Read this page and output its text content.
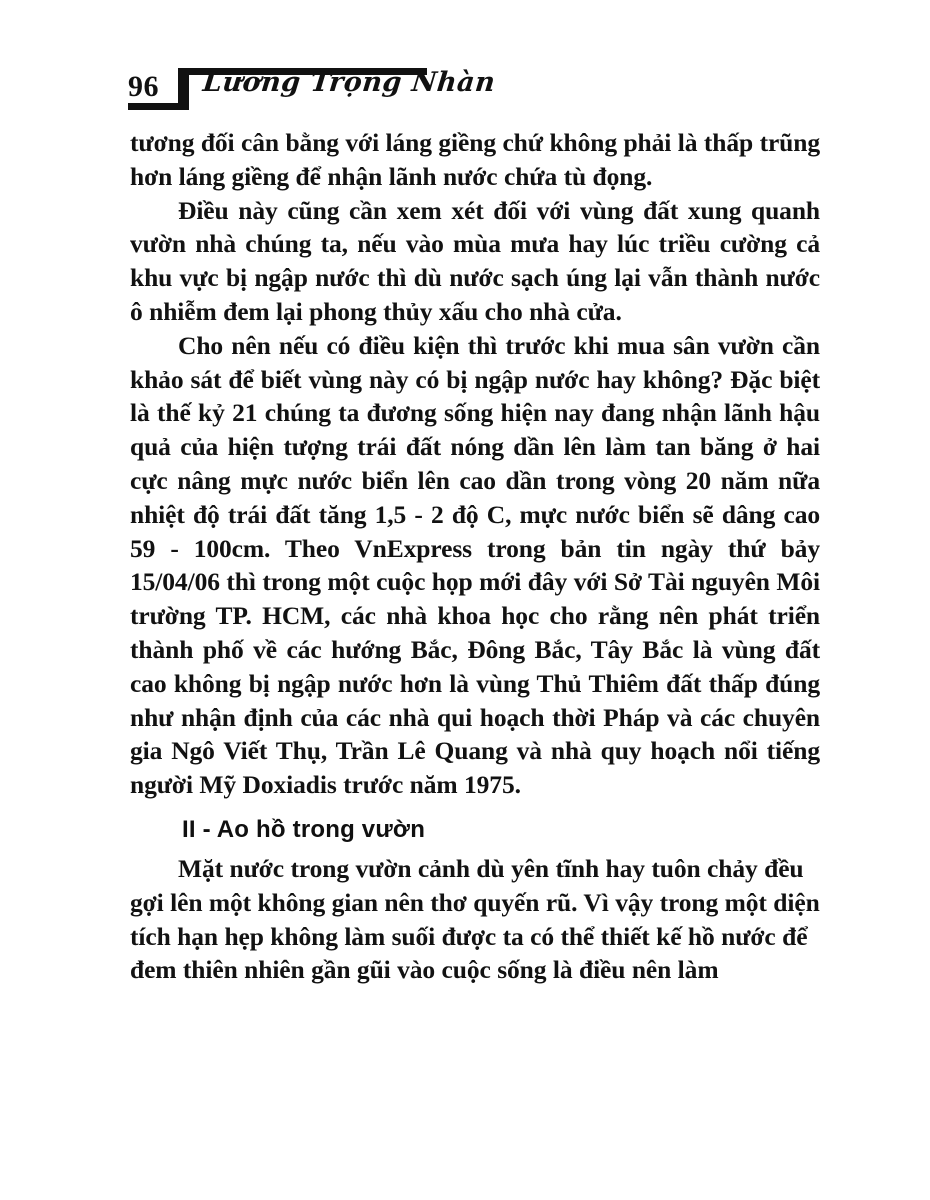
96 Lương Trọng Nhàn

tương đối cân bằng với láng giềng chứ không phải là thấp trũng hơn láng giềng để nhận lãnh nước chứa tù đọng.

Điều này cũng cần xem xét đối với vùng đất xung quanh vườn nhà chúng ta, nếu vào mùa mưa hay lúc triều cường cả khu vực bị ngập nước thì dù nước sạch úng lại vẫn thành nước ô nhiễm đem lại phong thủy xấu cho nhà cửa.

Cho nên nếu có điều kiện thì trước khi mua sân vườn cần khảo sát để biết vùng này có bị ngập nước hay không? Đặc biệt là thế kỷ 21 chúng ta đương sống hiện nay đang nhận lãnh hậu quả của hiện tượng trái đất nóng dần lên làm tan băng ở hai cực nâng mực nước biển lên cao dần trong vòng 20 năm nữa nhiệt độ trái đất tăng 1,5 - 2 độ C, mực nước biển sẽ dâng cao 59 - 100cm. Theo VnExpress trong bản tin ngày thứ bảy 15/04/06 thì trong một cuộc họp mới đây với Sở Tài nguyên Môi trường TP. HCM, các nhà khoa học cho rằng nên phát triển thành phố về các hướng Bắc, Đông Bắc, Tây Bắc là vùng đất cao không bị ngập nước hơn là vùng Thủ Thiêm đất thấp đúng như nhận định của các nhà qui hoạch thời Pháp và các chuyên gia Ngô Viết Thụ, Trần Lê Quang và nhà quy hoạch nổi tiếng người Mỹ Doxiadis trước năm 1975.

II - Ao hồ trong vườn

Mặt nước trong vườn cảnh dù yên tĩnh hay tuôn chảy đều gợi lên một không gian nên thơ quyến rũ. Vì vậy trong một diện tích hạn hẹp không làm suối được ta có thể thiết kế hồ nước để đem thiên nhiên gần gũi vào cuộc sống là điều nên làm
